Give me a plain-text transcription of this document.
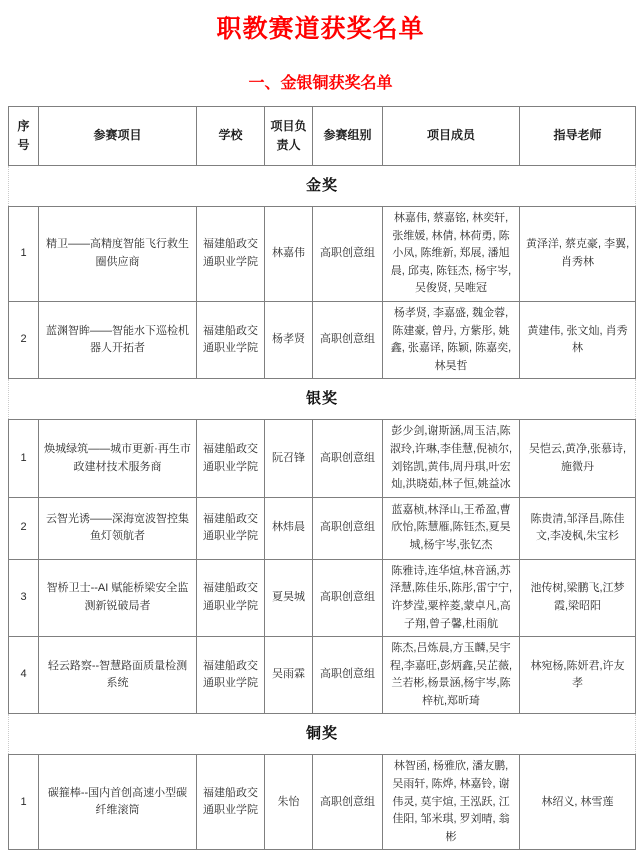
职教赛道获奖名单
一、金银铜获奖名单
序号	参赛项目	学校	项目负责人	参赛组别	项目成员	指导老师
金奖						
1	精卫——高精度智能飞行救生圈供应商	福建船政交通职业学院	林嘉伟	高职创意组	林嘉伟, 蔡嘉铭, 林奕轩, 张维媛, 林倩, 林荷勇, 陈小凤, 陈维新, 郑展, 潘旭晨, 邱夷, 陈钰杰, 杨宇岑, 吴俊贤, 吴唯冠	黄泽洋, 蔡克豪, 李翼, 肖秀林
2	蓝渊智眸——智能水下巡检机器人开拓者	福建船政交通职业学院	杨孝贤	高职创意组	杨孝贤, 李嘉盛, 魏金蓉, 陈建豪, 曾丹, 方紫彤, 姚鑫, 张嘉译, 陈颖, 陈嘉奕, 林昊哲	黄建伟, 张文灿, 肖秀林
银奖						
1	焕城绿筑——城市更新·再生市政建材技术服务商	福建船政交通职业学院	阮召锋	高职创意组	彭少剑,谢斯涵,周玉洁,陈淑玲,许琳,李佳慧,倪祯尔,刘铭凯,黄伟,周丹琪,叶宏灿,洪晓茹,林子恒,姚益冰	吴恺云,黄净,张慕诗,施微丹
2	云智光诱——深海宽波智控集鱼灯领航者	福建船政交通职业学院	林炜晨	高职创意组	蓝嘉桢,林泽山,王希盈,曹欣怡,陈慧雁,陈钰杰,夏昊城,杨宇岑,张钇杰	陈贵清,邹泽昌,陈佳文,李凌枫,朱宝杉
3	智桥卫士--AI 赋能桥梁安全监测新锐破局者	福建船政交通职业学院	夏昊城	高职创意组	陈雅诗,连华煊,林音涵,苏泽慧,陈佳乐,陈彤,雷宁宁,许梦滢,粟梓菱,蒙卓凡,高子翔,曾子馨,杜雨航	池传树,梁鹏飞,江梦霞,梁昭阳
4	轻云路察--智慧路面质量检测系统	福建船政交通职业学院	吴雨霖	高职创意组	陈杰,吕炼晨,方玉麟,吴宇程,李嘉旺,彭炳鑫,吴芷薇,兰若彬,杨景涵,杨宇岑,陈梓杭,郑昕琦	林宛杨,陈妍君,许友孝
铜奖						
1	碳箍棒--国内首创高速小型碳纤维滚筒	福建船政交通职业学院	朱怡	高职创意组	林智函, 杨雅欣, 潘友鹏, 吴雨轩, 陈烨, 林嘉铃, 谢伟灵, 莫宇煊, 王泓跃, 江佳阳, 邹米琪, 罗刘晴, 翁彬	林绍义, 林雪莲
